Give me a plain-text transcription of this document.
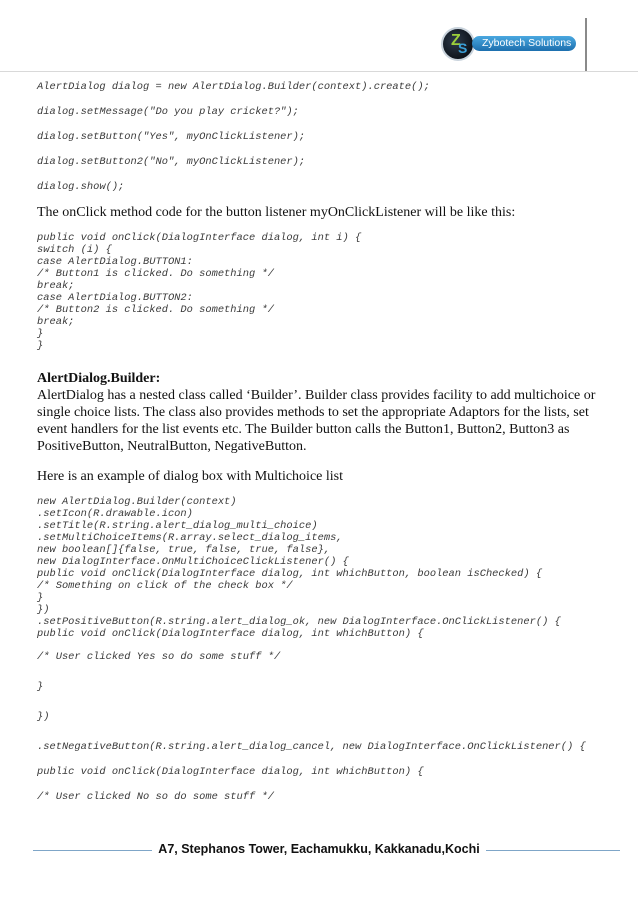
Z
S	Zybotech Solutions
AlertDialog dialog = new AlertDialog.Builder(context).create();
dialog.setMessage("Do you play cricket?");
dialog.setButton("Yes", myOnClickListener);
dialog.setButton2("No", myOnClickListener);
dialog.show();

The onClick method code for the button listener myOnClickListener will be like this:

public void onClick(DialogInterface dialog, int i) {
switch (i) {
case AlertDialog.BUTTON1:
/* Button1 is clicked. Do something */
break;
case AlertDialog.BUTTON2:
/* Button2 is clicked. Do something */
break;
}
}

AlertDialog.Builder:

AlertDialog has a nested class called ‘Builder’. Builder class provides facility to add multichoice or single choice lists. The class also provides methods to set the appropriate Adaptors for the lists, set event handlers for the list events etc. The Builder button calls the Button1, Button2, Button3 as PositiveButton, NeutralButton, NegativeButton.

Here is an example of dialog box with Multichoice list

new AlertDialog.Builder(context)
.setIcon(R.drawable.icon)
.setTitle(R.string.alert_dialog_multi_choice)
.setMultiChoiceItems(R.array.select_dialog_items,
new boolean[]{false, true, false, true, false},
new DialogInterface.OnMultiChoiceClickListener() {
public void onClick(DialogInterface dialog, int whichButton, boolean isChecked) {
/* Something on click of the check box */
}
})
.setPositiveButton(R.string.alert_dialog_ok, new DialogInterface.OnClickListener() {
public void onClick(DialogInterface dialog, int whichButton) {
/* User clicked Yes so do some stuff */
}
})
.setNegativeButton(R.string.alert_dialog_cancel, new DialogInterface.OnClickListener() {
public void onClick(DialogInterface dialog, int whichButton) {
/* User clicked No so do some stuff */
A7, Stephanos Tower, Eachamukku, Kakkanadu,Kochi
